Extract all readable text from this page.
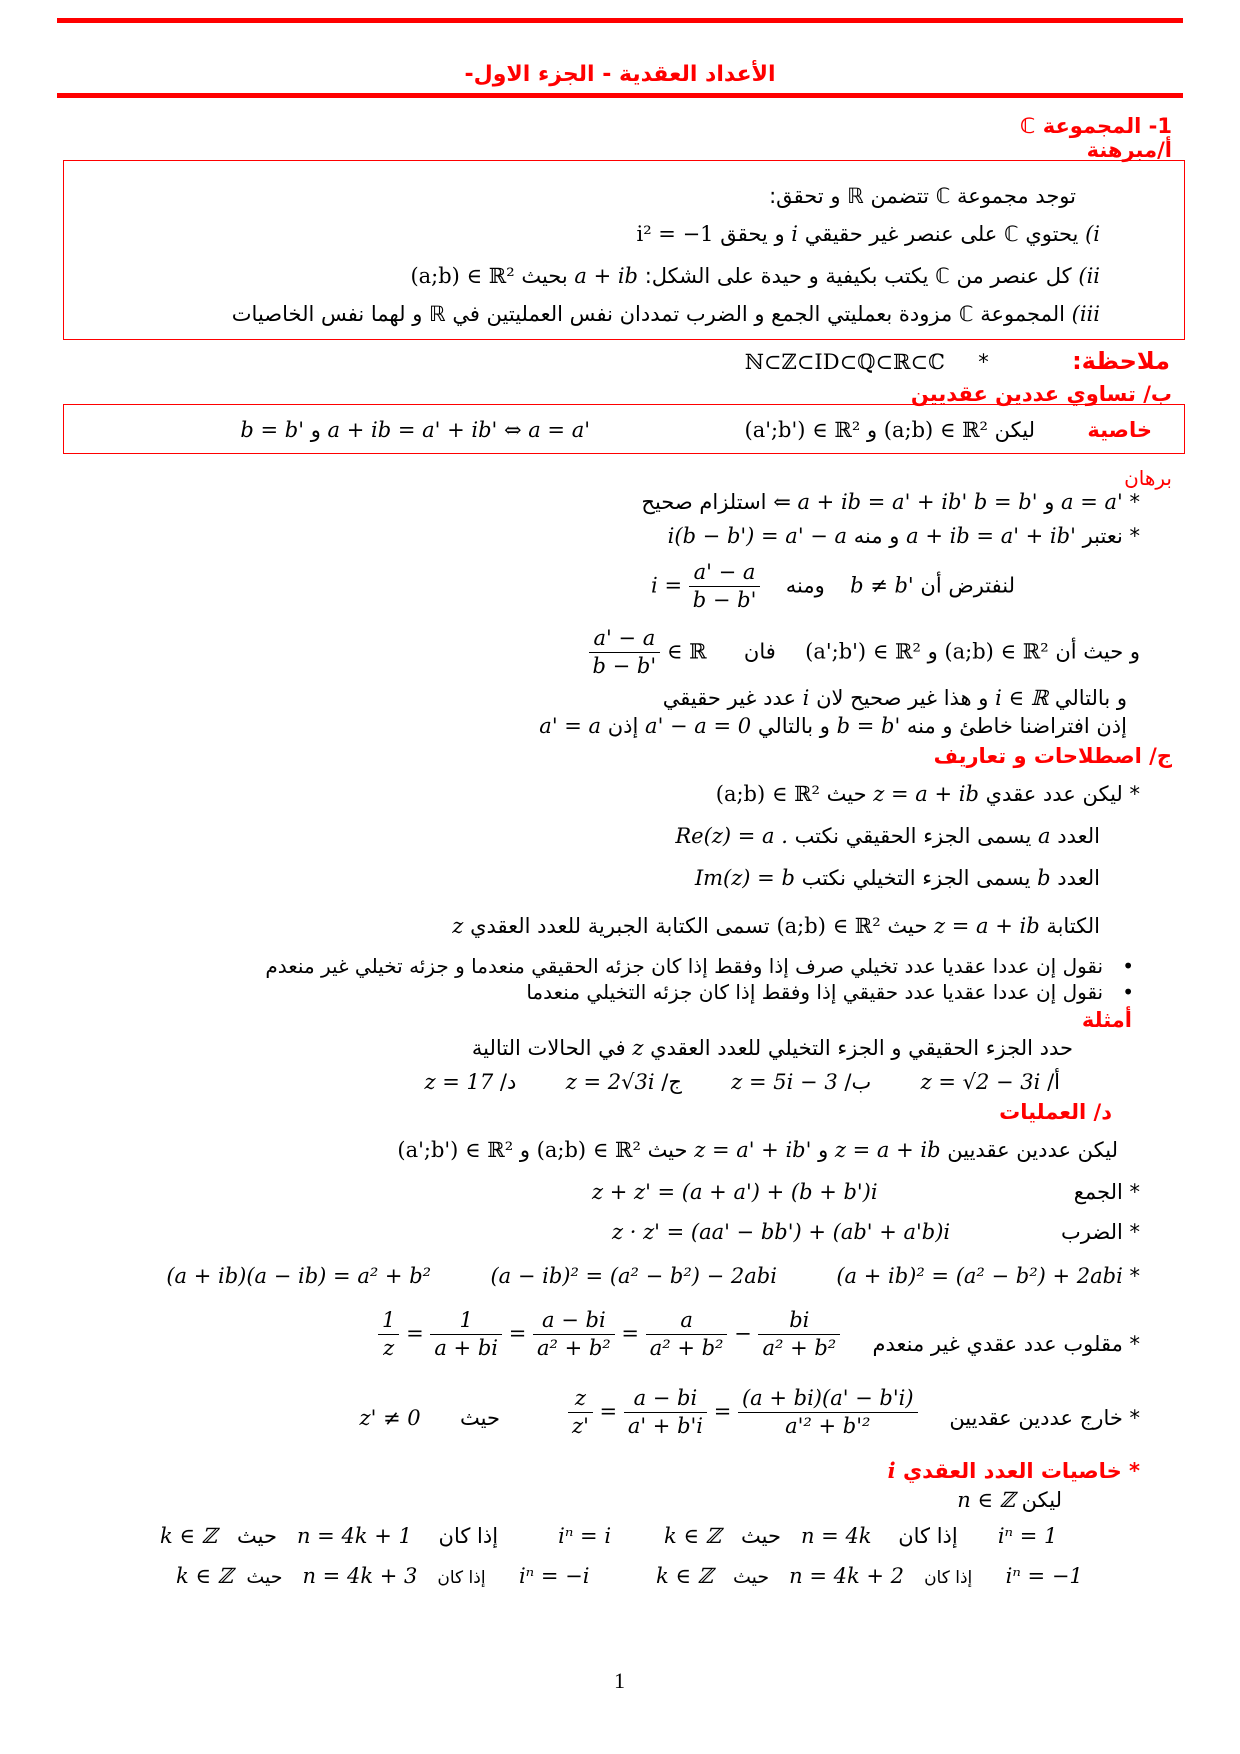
الأعداد العقدية - الجزء الاول-
1- المجموعة ℂ
أ/مبرهنة
توجد مجموعة ℂ تتضمن ℝ و تحقق:
i) يحتوي ℂ على عنصر غير حقيقي i و يحقق i² = −1
ii) كل عنصر من ℂ يكتب بكيفية و حيدة على الشكل: a + ib بحيث (a;b) ∈ ℝ²
iii) المجموعة ℂ مزودة بعمليتي الجمع و الضرب تمددان نفس العمليتين في ℝ و لهما نفس الخاصيات
ملاحظة:  *  ℕ⊂ℤ⊂ID⊂ℚ⊂ℝ⊂ℂ
ب/ تساوي عددين عقديين
خاصية
ليكن (a;b) ∈ ℝ² و (a';b') ∈ ℝ²
a + ib = a' + ib' ⇔ a = a' و b = b'
برهان
* a = a' و b = b' ⇐ a + ib = a' + ib' استلزام صحيح
* نعتبر a + ib = a' + ib' و منه i(b − b') = a' − a
لنفترض أن b ≠ b'  ومنه  $i = \frac{a' - a}{b - b'}$
و حيث أن (a;b) ∈ ℝ² و (a';b') ∈ ℝ²  فان
$\frac{a' - a}{b - b'}$ ∈ ℝ
و بالتالي i ∈ ℝ و هذا غير صحيح لان i عدد غير حقيقي
إذن افتراضنا خاطئ و منه b = b' و بالتالي a' − a = 0 إذن a' = a
ج/ اصطلاحات و تعاريف
* ليكن عدد عقدي z = a + ib حيث (a;b) ∈ ℝ²
العدد a يسمى الجزء الحقيقي نكتب Re(z) = a .
العدد b يسمى الجزء التخيلي نكتب Im(z) = b
الكتابة z = a + ib حيث (a;b) ∈ ℝ² تسمى الكتابة الجبرية للعدد العقدي z
•   نقول إن عددا عقديا عدد تخيلي صرف إذا وفقط إذا كان جزئه الحقيقي منعدما و جزئه تخيلي غير منعدم
•   نقول إن عددا عقديا عدد حقيقي إذا وفقط إذا كان جزئه التخيلي منعدما
أمثلة
حدد الجزء الحقيقي و الجزء التخيلي للعدد العقدي z في الحالات التالية
أ/ z = √2 − 3i  ب/ z = 5i − 3  ج/ z = 2√3i  د/ z = 17
د/ العمليات
ليكن عددين عقديين z = a + ib و z = a' + ib' حيث (a;b) ∈ ℝ² و (a';b') ∈ ℝ²
* الجمع
z + z' = (a + a') + (b + b')i
* الضرب
z · z' = (aa' − bb') + (ab' + a'b)i
* (a + ib)² = (a² − b²) + 2abi  (a − ib)² = (a² − b²) − 2abi  (a + ib)(a − ib) = a² + b²
* مقلوب عدد عقدي غير منعدم
$\frac{1}{z} = \frac{1}{a + bi} = \frac{a - bi}{\text{a² + b²}} = \frac{a}{\text{a² + b²}} - \frac{bi}{\text{a² + b²}}$
* خارج عددين عقديين
$\frac{z}{z'} = \frac{a - bi}{a' + b'i} = \frac{(a + bi)(a' - b'i)}{\text{a'² + b'²}}$
حيث  z' ≠ 0
* خاصيات العدد العقدي i
ليكن n ∈ ℤ
k ∈ ℤ حيث n = 4k إذا كان iⁿ = 1
k ∈ ℤ حيث n = 4k + 1 إذا كان	iⁿ = i
k ∈ ℤ حيث n = 4k + 2 إذا كان iⁿ = −1
k ∈ ℤ حيث n = 4k + 3 إذا كان iⁿ = −i
1
